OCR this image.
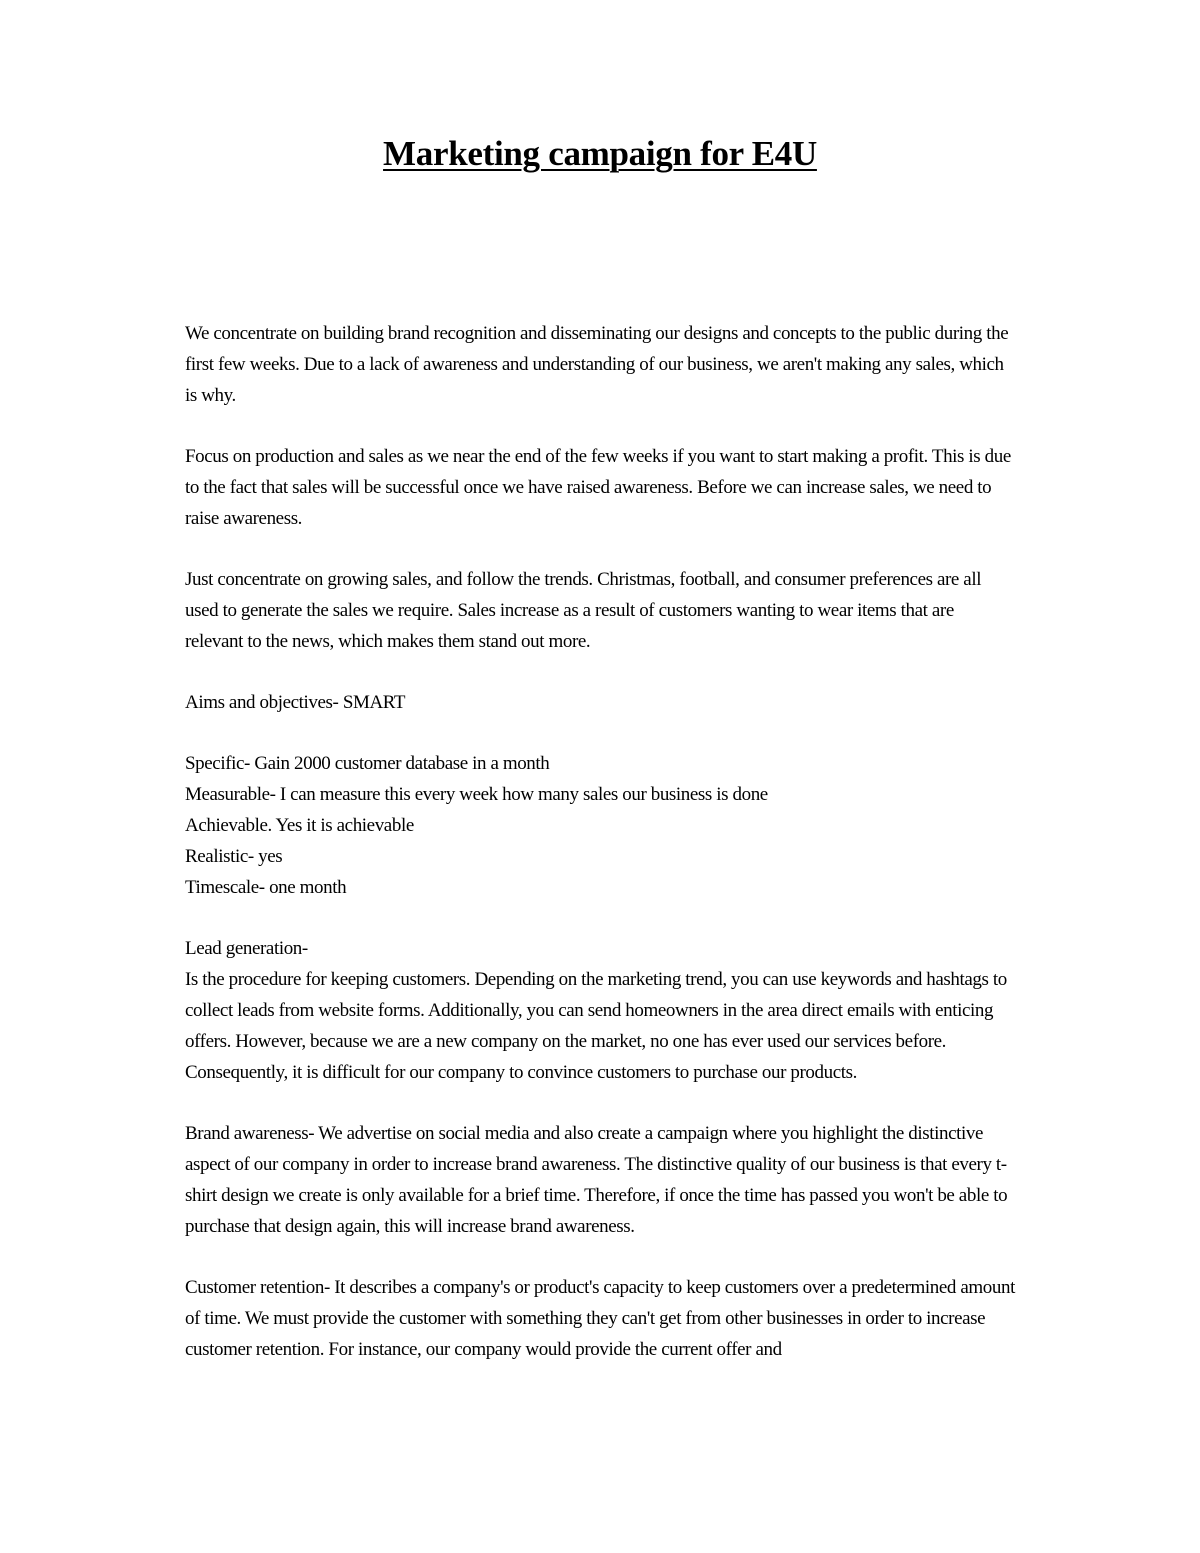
Marketing campaign for E4U

We concentrate on building brand recognition and disseminating our designs and concepts to the public during the first few weeks. Due to a lack of awareness and understanding of our business, we aren't making any sales, which is why.

Focus on production and sales as we near the end of the few weeks if you want to start making a profit. This is due to the fact that sales will be successful once we have raised awareness. Before we can increase sales, we need to raise awareness.

Just concentrate on growing sales, and follow the trends. Christmas, football, and consumer preferences are all used to generate the sales we require. Sales increase as a result of customers wanting to wear items that are relevant to the news, which makes them stand out more.

Aims and objectives- SMART

Specific- Gain 2000 customer database in a month
Measurable- I can measure this every week how many sales our business is done
Achievable. Yes it is achievable
Realistic- yes
Timescale- one month

Lead generation-

Is the procedure for keeping customers. Depending on the marketing trend, you can use keywords and hashtags to collect leads from website forms. Additionally, you can send homeowners in the area direct emails with enticing offers. However, because we are a new company on the market, no one has ever used our services before. Consequently, it is difficult for our company to convince customers to purchase our products.

Brand awareness- We advertise on social media and also create a campaign where you highlight the distinctive aspect of our company in order to increase brand awareness. The distinctive quality of our business is that every t-shirt design we create is only available for a brief time. Therefore, if once the time has passed you won't be able to purchase that design again, this will increase brand awareness.

Customer retention- It describes a company's or product's capacity to keep customers over a predetermined amount of time. We must provide the customer with something they can't get from other businesses in order to increase customer retention. For instance, our company would provide the current offer and
